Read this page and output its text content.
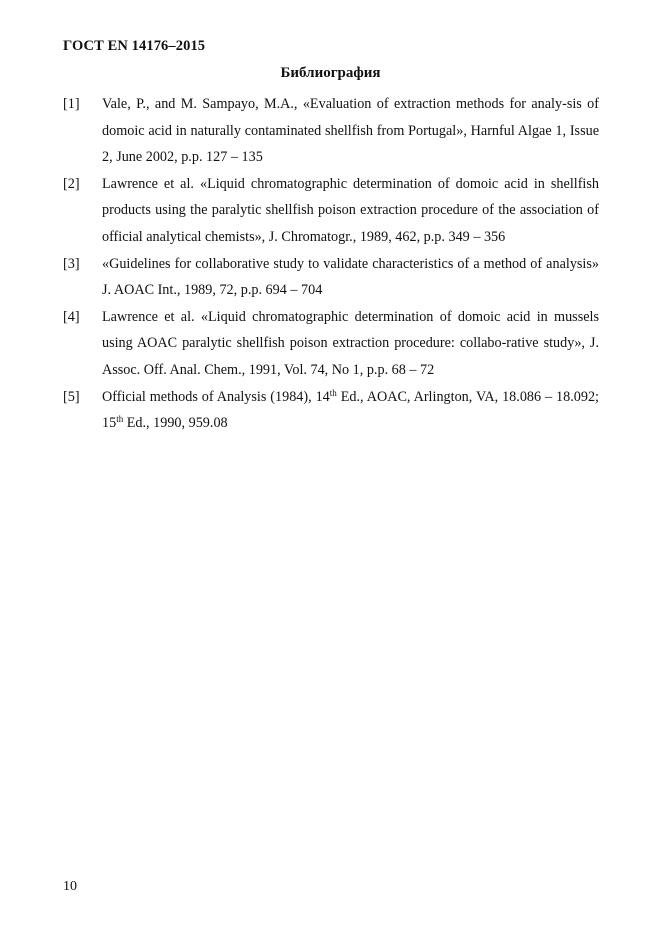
ГОСТ EN 14176–2015
Библиография
[1]	Vale, P., and M. Sampayo, M.A., «Evaluation of extraction methods for analy-sis of domoic acid in naturally contaminated shellfish from Portugal», Harnful Algae 1, Issue 2, June 2002, p.p. 127 – 135
[2]	Lawrence et al. «Liquid chromatographic determination of domoic acid in shellfish products using the paralytic shellfish poison extraction procedure of the association of official analytical chemists», J. Chromatogr., 1989, 462, p.p. 349 – 356
[3]	«Guidelines for collaborative study to validate characteristics of a method of analysis» J. AOAC Int., 1989, 72, p.p. 694 – 704
[4]	Lawrence et al. «Liquid chromatographic determination of domoic acid in mussels using AOAC paralytic shellfish poison extraction procedure: collabo-rative study», J. Assoc. Off. Anal. Chem., 1991, Vol. 74, No 1, p.p. 68 – 72
[5]	Official methods of Analysis (1984), 14th Ed., AOAC, Arlington, VA, 18.086 – 18.092; 15th Ed., 1990, 959.08
10
